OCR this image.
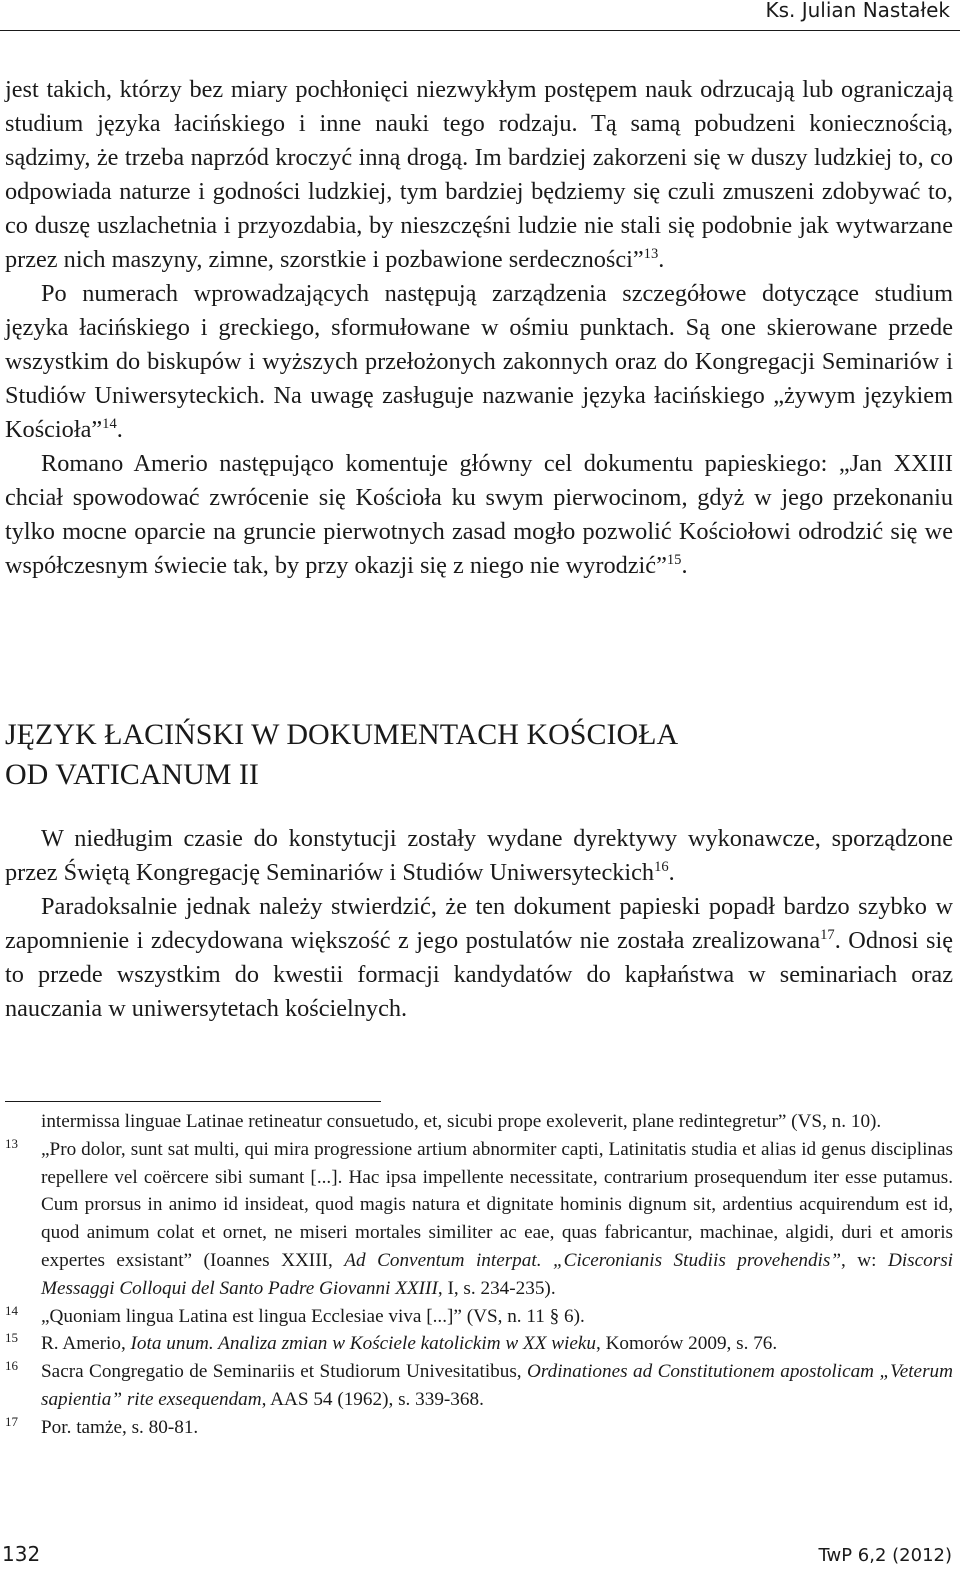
Ks. Julian Nastałek

jest takich, którzy bez miary pochłonięci niezwykłym postępem nauk odrzucają lub ograniczają studium języka łacińskiego i inne nauki tego rodzaju. Tą samą pobudzeni koniecznością, sądzimy, że trzeba naprzód kroczyć inną drogą. Im bardziej zakorzeni się w duszy ludzkiej to, co odpowiada naturze i godności ludzkiej, tym bardziej będziemy się czuli zmuszeni zdobywać to, co duszę uszlachetnia i przyozdabia, by nieszczęśni ludzie nie stali się podobnie jak wytwarzane przez nich maszyny, zimne, szorstkie i pozbawione serdeczności”$^{13}$.

Po numerach wprowadzających następują zarządzenia szczegółowe dotyczące studium języka łacińskiego i greckiego, sformułowane w ośmiu punktach. Są one skierowane przede wszystkim do biskupów i wyższych przełożonych zakonnych oraz do Kongregacji Seminariów i Studiów Uniwersyteckich. Na uwagę zasługuje nazwanie języka łacińskiego „żywym językiem Kościoła”$^{14}$.

Romano Amerio następująco komentuje główny cel dokumentu papieskiego: „Jan XXIII chciał spowodować zwrócenie się Kościoła ku swym pierwocinom, gdyż w jego przekonaniu tylko mocne oparcie na gruncie pierwotnych zasad mogło pozwolić Kościołowi odrodzić się we współczesnym świecie tak, by przy okazji się z niego nie wyrodzić”$^{15}$.

JĘZYK ŁACIŃSKI W DOKUMENTACH KOŚCIOŁA
OD VATICANUM II

W niedługim czasie do konstytucji zostały wydane dyrektywy wykonawcze, sporządzone przez Świętą Kongregację Seminariów i Studiów Uniwersyteckich$^{16}$.

Paradoksalnie jednak należy stwierdzić, że ten dokument papieski popadł bardzo szybko w zapomnienie i zdecydowana większość z jego postulatów nie została zrealizowana$^{17}$. Odnosi się to przede wszystkim do kwestii formacji kandydatów do kapłaństwa w seminariach oraz nauczania w uniwersytetach kościelnych.

intermissa linguae Latinae retineatur consuetudo, et, sicubi prope exoleverit, plane redintegretur” (VS, n. 10).
13 „Pro dolor, sunt sat multi, qui mira progressione artium abnormiter capti, Latinitatis studia et alias id genus disciplinas repellere vel coërcere sibi sumant [...]. Hac ipsa impellente necessitate, contrarium prosequendum iter esse putamus. Cum prorsus in animo id insideat, quod magis natura et dignitate hominis dignum sit, ardentius acquirendum est id, quod animum colat et ornet, ne miseri mortales similiter ac eae, quas fabricantur, machinae, algidi, duri et amoris expertes exsistant” (Ioannes XXIII, Ad Conventum interpat. „Ciceronianis Studiis provehendis”, w: Discorsi Messaggi Colloqui del Santo Padre Giovanni XXIII, I, s. 234-235).
14 „Quoniam lingua Latina est lingua Ecclesiae viva [...]” (VS, n. 11 § 6).
15 R. Amerio, Iota unum. Analiza zmian w Kościele katolickim w XX wieku, Komorów 2009, s. 76.
16 Sacra Congregatio de Seminariis et Studiorum Univesitatibus, Ordinationes ad Constitutionem apostolicam „Veterum sapientia” rite exsequendam, AAS 54 (1962), s. 339-368.
17 Por. tamże, s. 80-81.
132	TwP 6,2 (2012)
